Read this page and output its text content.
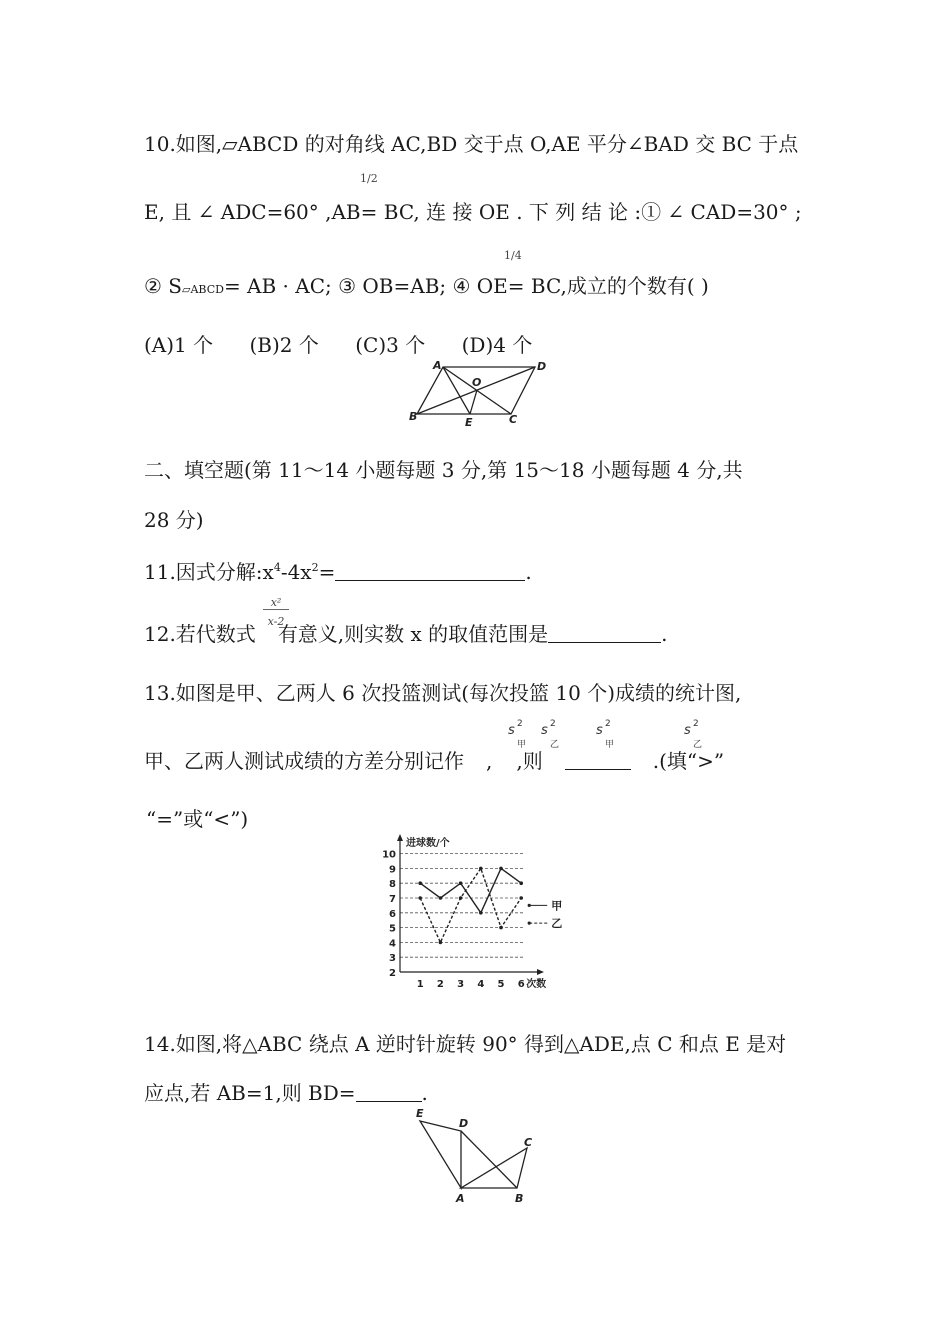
10.如图,▱ABCD 的对角线 AC,BD 交于点 O,AE 平分∠BAD 交 BC 于点
1/2
E, 且 ∠ ADC=60° ,AB= BC, 连 接 OE . 下 列 结 论 :① ∠ CAD=30° ;
1/4
② S▱ABCD= AB · AC; ③ OB=AB; ④ OE= BC,成立的个数有( )
(A)1 个 (B)2 个 (C)3 个 (D)4 个
A	D
O
B	E	C
二、填空题(第 11～14 小题每题 3 分,第 15～18 小题每题 4 分,共
28 分)
11.因式分解$:x^4-4x^2=$	.
x²
x-2
12.若代数式 有意义,则实数 x 的取值范围是	.
13.如图是甲、乙两人 6 次投篮测试(每次投篮 10 个)成绩的统计图,
s 2
甲
s 2
乙
s 2
甲
s 2
乙
甲、乙两人测试成绩的方差分别记作 , ,则	.(填“>”
“=”或“<”)
2
3
4
5
6
7
8
9
10
1 2 3 4 5 6
进球数/个
次数
甲
乙
14.如图,将△ABC 绕点 A 逆时针旋转 90° 得到△ADE,点 C 和点 E 是对
应点,若 AB=1,则 BD=	.
E
D
C
A	B
